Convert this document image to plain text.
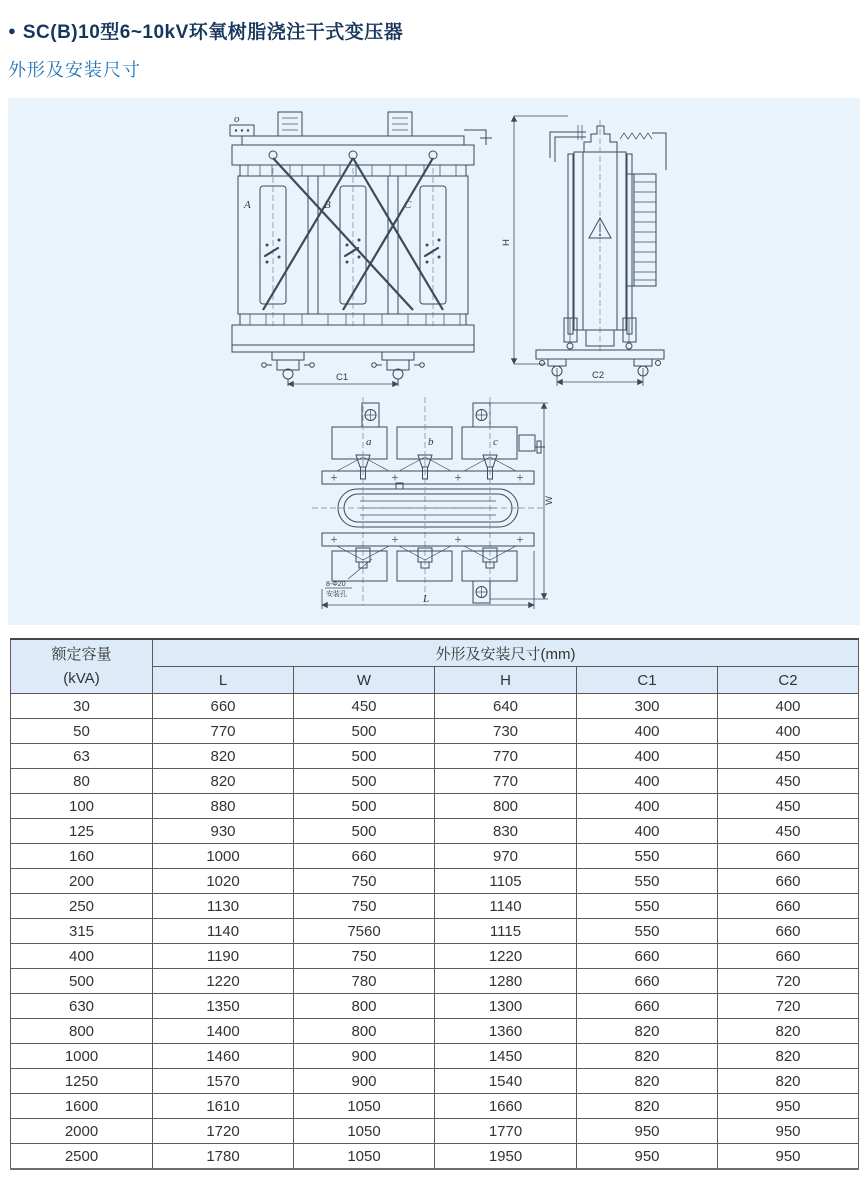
● SC(B)10型6~10kV环氧树脂浇注干式变压器
外形及安装尺寸
o
A	B	C
C1
H
C2
a	b	c
8-Φ20
安装孔	L
W
额定容量
(kVA)	外形及安装尺寸(mm)				
	L	W	H	C1	C2
30	660	450	640	300	400
50	770	500	730	400	400
63	820	500	770	400	450
80	820	500	770	400	450
100	880	500	800	400	450
125	930	500	830	400	450
160	1000	660	970	550	660
200	1020	750	1105	550	660
250	1130	750	1140	550	660
315	1140	7560	1115	550	660
400	1190	750	1220	660	660
500	1220	780	1280	660	720
630	1350	800	1300	660	720
800	1400	800	1360	820	820
1000	1460	900	1450	820	820
1250	1570	900	1540	820	820
1600	1610	1050	1660	820	950
2000	1720	1050	1770	950	950
2500	1780	1050	1950	950	950
